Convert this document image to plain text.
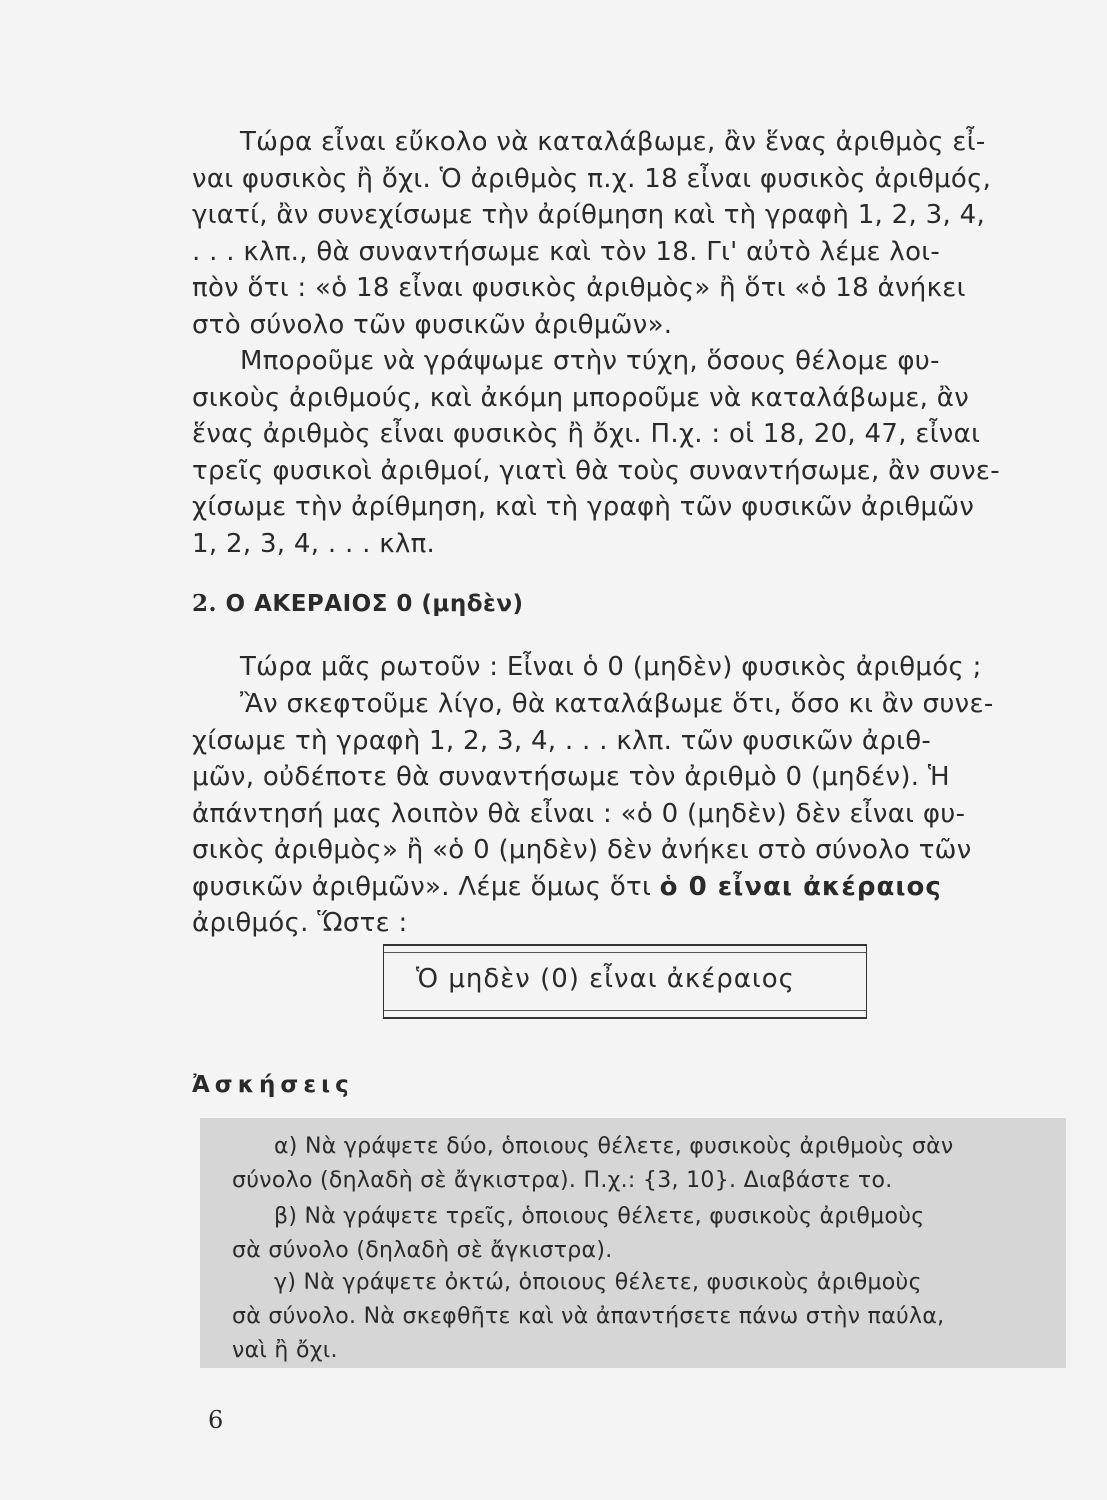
Τώρα εἶναι εὔκολο νὰ καταλάβωμε, ἂν ἕνας ἀριθμὸς εἶ-
ναι φυσικὸς ἢ ὄχι. Ὁ ἀριθμὸς π.χ. 18 εἶναι φυσικὸς ἀριθμός,
γιατί, ἂν συνεχίσωμε τὴν ἀρίθμηση καὶ τὴ γραφὴ 1, 2, 3, 4,
. . . κλπ., θὰ συναντήσωμε καὶ τὸν 18. Γι' αὐτὸ λέμε λοι-
πὸν ὅτι : «ὁ 18 εἶναι φυσικὸς ἀριθμὸς» ἢ ὅτι «ὁ 18 ἀνήκει
στὸ σύνολο τῶν φυσικῶν ἀριθμῶν».

Μποροῦμε νὰ γράψωμε στὴν τύχη, ὅσους θέλομε φυ-
σικοὺς ἀριθμούς, καὶ ἀκόμη μποροῦμε νὰ καταλάβωμε, ἂν
ἕνας ἀριθμὸς εἶναι φυσικὸς ἢ ὄχι. Π.χ. : οἱ 18, 20, 47, εἶναι
τρεῖς φυσικοὶ ἀριθμοί, γιατὶ θὰ τοὺς συναντήσωμε, ἂν συνε-
χίσωμε τὴν ἀρίθμηση, καὶ τὴ γραφὴ τῶν φυσικῶν ἀριθμῶν
1, 2, 3, 4, . . . κλπ.

2. Ο ΑΚΕΡΑΙΟΣ 0 (μηδὲν)

Τώρα μᾶς ρωτοῦν : Εἶναι ὁ 0 (μηδὲν) φυσικὸς ἀριθμός ;

Ἂν σκεφτοῦμε λίγο, θὰ καταλάβωμε ὅτι, ὅσο κι ἂν συνε-
χίσωμε τὴ γραφὴ 1, 2, 3, 4, . . . κλπ. τῶν φυσικῶν ἀριθ-
μῶν, οὐδέποτε θὰ συναντήσωμε τὸν ἀριθμὸ 0 (μηδέν). Ἡ
ἀπάντησή μας λοιπὸν θὰ εἶναι : «ὁ 0 (μηδὲν) δὲν εἶναι φυ-
σικὸς ἀριθμὸς» ἢ «ὁ 0 (μηδὲν) δὲν ἀνήκει στὸ σύνολο τῶν
φυσικῶν ἀριθμῶν». Λέμε ὅμως ὅτι ὁ 0 εἶναι ἀκέραιος
ἀριθμός. Ὥστε :

Ὁ μηδὲν (0) εἶναι ἀκέραιος
Ἀσκήσεις

α) Νὰ γράψετε δύο, ὁποιους θέλετε, φυσικοὺς ἀριθμοὺς σὰν
σύνολο (δηλαδὴ σὲ ἄγκιστρα). Π.χ.: {3, 10}. Διαβάστε το.

β) Νὰ γράψετε τρεῖς, ὁποιους θέλετε, φυσικοὺς ἀριθμοὺς
σὰ σύνολο (δηλαδὴ σὲ ἄγκιστρα).

γ) Νὰ γράψετε ὀκτώ, ὁποιους θέλετε, φυσικοὺς ἀριθμοὺς
σὰ σύνολο. Νὰ σκεφθῆτε καὶ νὰ ἀπαντήσετε πάνω στὴν παύλα,
ναὶ ἢ ὄχι.

6
